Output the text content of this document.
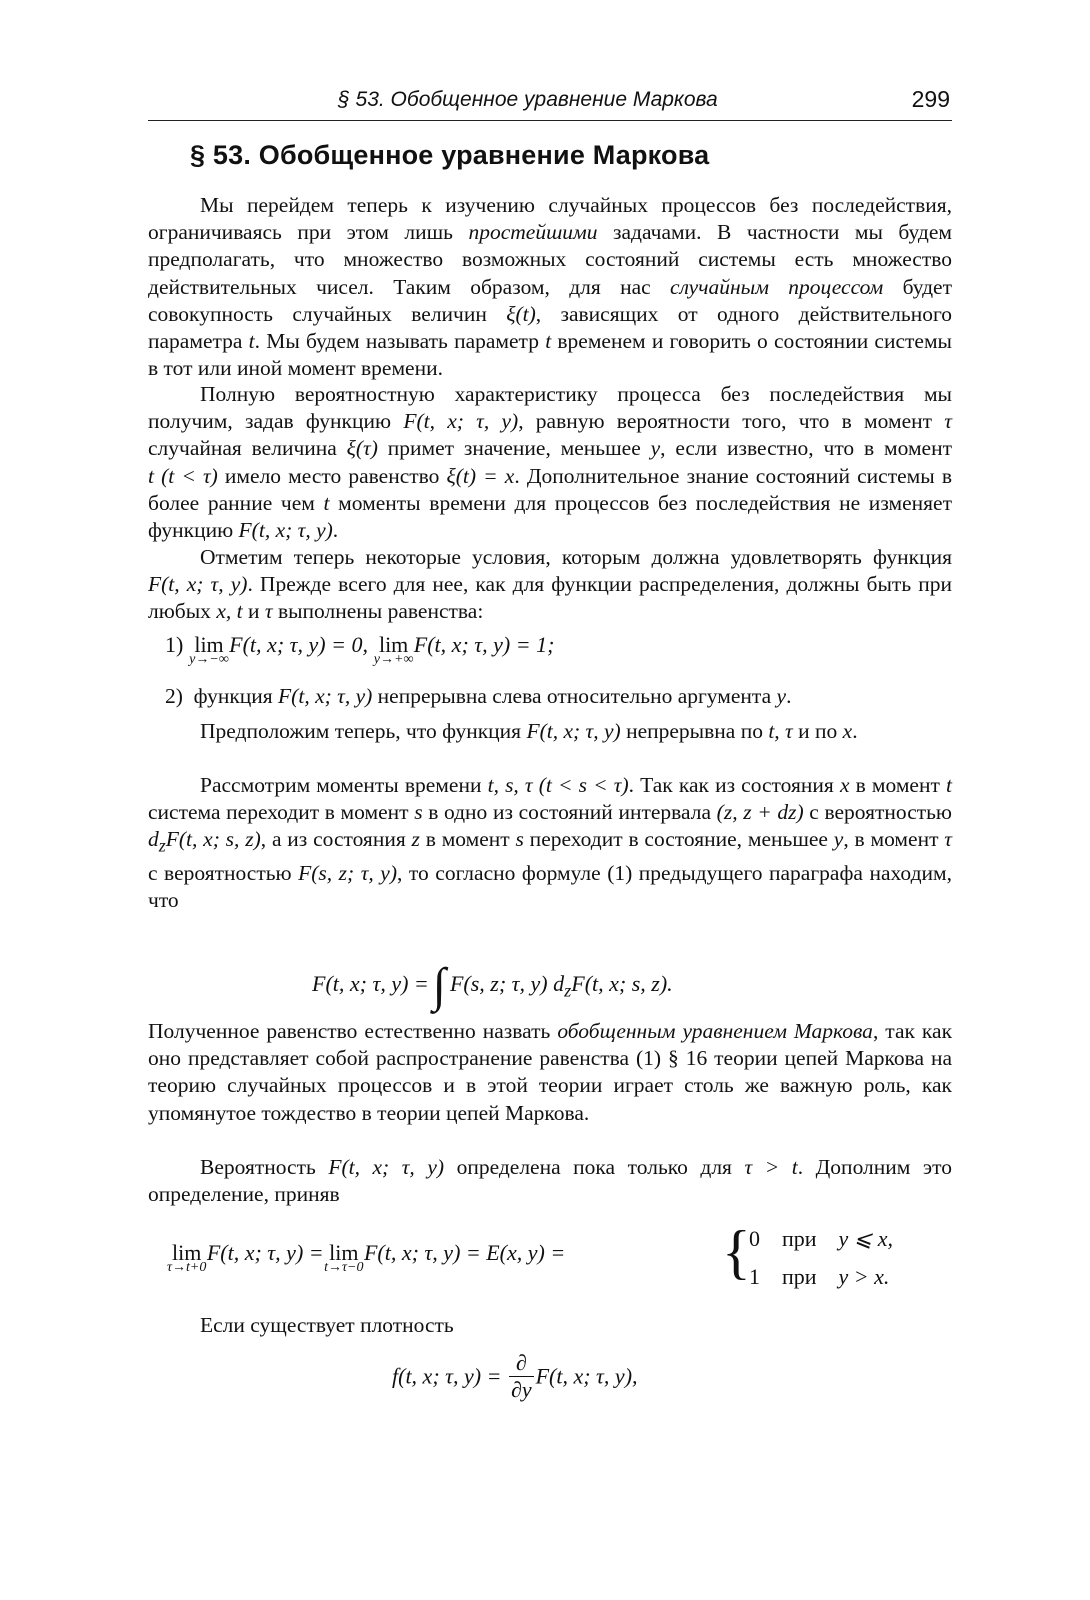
§ 53. Обобщенное уравнение Маркова	299
§ 53. Обобщенное уравнение Маркова

Мы перейдем теперь к изучению случайных процессов без последействия, ограничиваясь при этом лишь простейшими задачами. В частности мы будем предполагать, что множество возможных состояний системы есть множество действительных чисел. Таким образом, для нас случайным процессом будет совокупность случайных величин ξ(t), зависящих от одного действительного параметра t. Мы будем называть параметр t временем и говорить о состоянии системы в тот или иной момент времени.

Полную вероятностную характеристику процесса без последействия мы получим, задав функцию F(t, x; τ, y), равную вероятности того, что в момент τ случайная величина ξ(τ) примет значение, меньшее y, если известно, что в момент t (t < τ) имело место равенство ξ(t) = x. Дополнительное знание состояний системы в более ранние чем t моменты времени для процессов без последействия не изменяет функцию F(t, x; τ, y).

Отметим теперь некоторые условия, которым должна удовлетворять функция F(t, x; τ, y). Прежде всего для нее, как для функции распределения, должны быть при любых x, t и τ выполнены равенства:

1) lim
y→−∞
F(t, x; τ, y) = 0, lim
y→+∞
F(t, x; τ, y) = 1;
2) функция F(t, x; τ, y) непрерывна слева относительно аргумента y.

Предположим теперь, что функция F(t, x; τ, y) непрерывна по t, τ и по x.

Рассмотрим моменты времени t, s, τ (t < s < τ). Так как из состояния x в момент t система переходит в момент s в одно из состояний интервала (z, z + dz) с вероятностью $d_zF(t$, x; s, z), а из состояния z в момент s переходит в состояние, меньшее y, в момент τ с вероятностью F(s, z; τ, y), то согласно формуле (1) предыдущего параграфа находим, что

F(t, x; τ, y) =∫ F(s, z; τ, y) $d_zF(t$, x; s, z).

Полученное равенство естественно назвать обобщенным уравнением Маркова, так как оно представляет собой распространение равенства (1) § 16 теории цепей Маркова на теорию случайных процессов и в этой теории играет столь же важную роль, как упомянутое тождество в теории цепей Маркова.

Вероятность F(t, x; τ, y) определена пока только для τ > t. Дополним это определение, приняв

lim
τ→t+0
F(t, x; τ, y) = lim
t→τ−0
F(t, x; τ, y) = E(x, y) =	{
0 при y ⩽ x,
1 при y > x.

Если существует плотность

f(t, x; τ, $y) = \frac{\partial}{\partial y} F(t$, x; τ, y),
